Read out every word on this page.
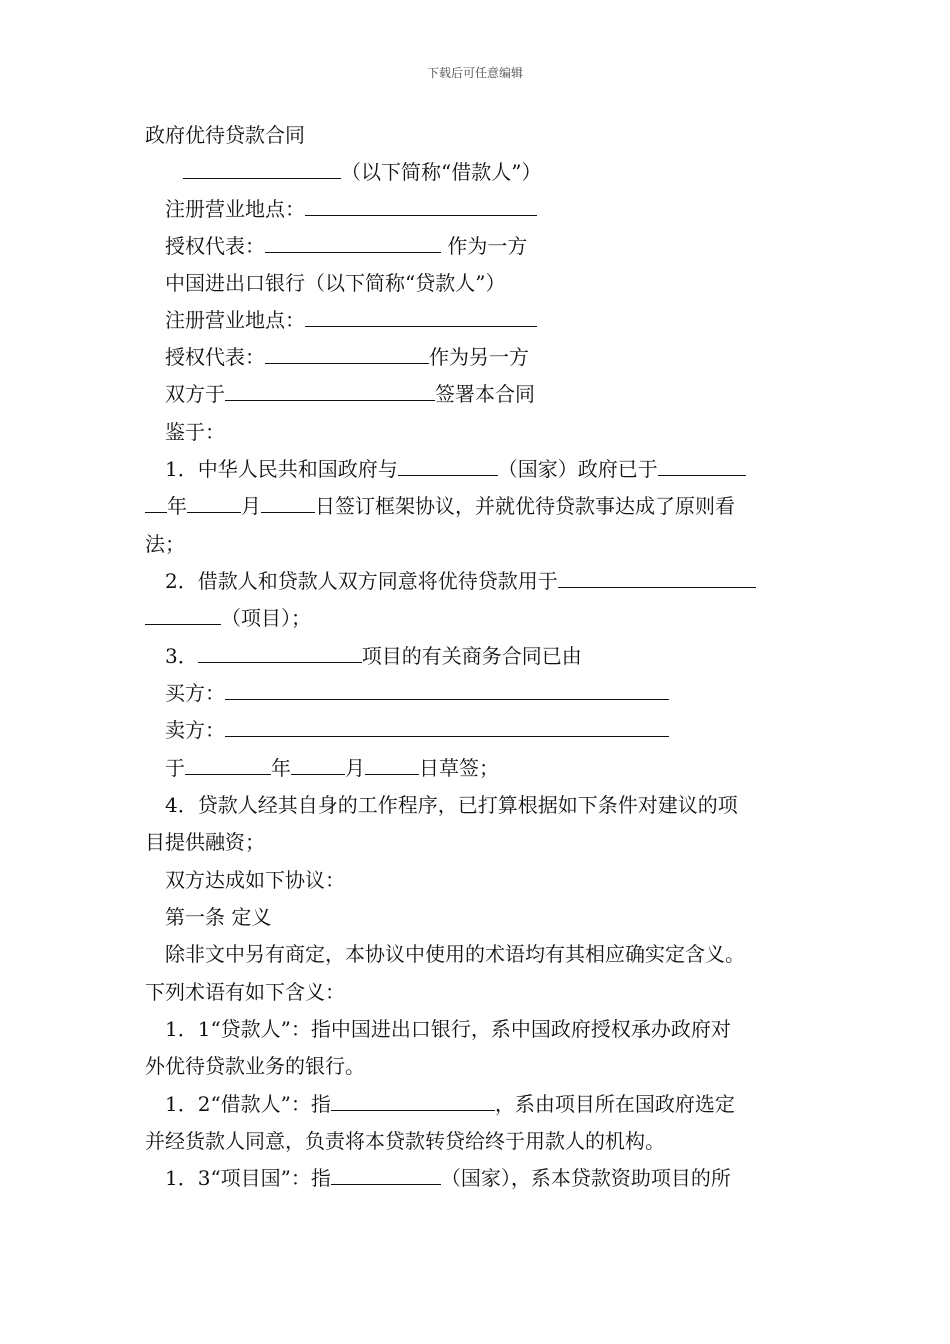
下载后可任意编辑
政府优待贷款合同
（以下简称“借款人”）
注册营业地点：
授权代表：	作为一方
中国进出口银行（以下简称“贷款人”）
注册营业地点：
授权代表：	作为另一方
双方于	签署本合同
鉴于：
1．中华人民共和国政府与	（国家）政府已于
年	月	日签订框架协议，并就优待贷款事达成了原则看
法；
2．借款人和贷款人双方同意将优待贷款用于
（项目）；
3．	项目的有关商务合同已由
买方：
卖方：
于	年	月	日草签；
4．贷款人经其自身的工作程序，已打算根据如下条件对建议的项
目提供融资；
双方达成如下协议：
第一条 定义
除非文中另有商定，本协议中使用的术语均有其相应确实定含义。
下列术语有如下含义：
1．1“贷款人”：指中国进出口银行，系中国政府授权承办政府对
外优待贷款业务的银行。
1．2“借款人”：指	，系由项目所在国政府选定
并经货款人同意，负责将本贷款转贷给终于用款人的机构。
1．3“项目国”：指	（国家），系本贷款资助项目的所
